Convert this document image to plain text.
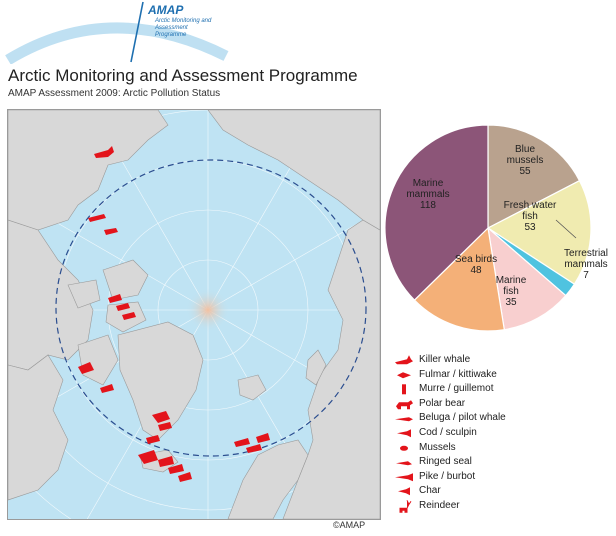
AMAP
Arctic Monitoring and Assessment Programme
Arctic Monitoring and Assessment Programme
AMAP Assessment 2009: Arctic Pollution Status
Blue mussels 55
Fresh water fish 53
Terrestrial mammals 7
Marine fish 35
Sea birds 48
Marine mammals 118
Killer whale
Fulmar / kittiwake
Murre / guillemot
Polar bear
Beluga / pilot whale
Cod / sculpin
Mussels
Ringed seal
Pike / burbot
Char
Reindeer
©AMAP
